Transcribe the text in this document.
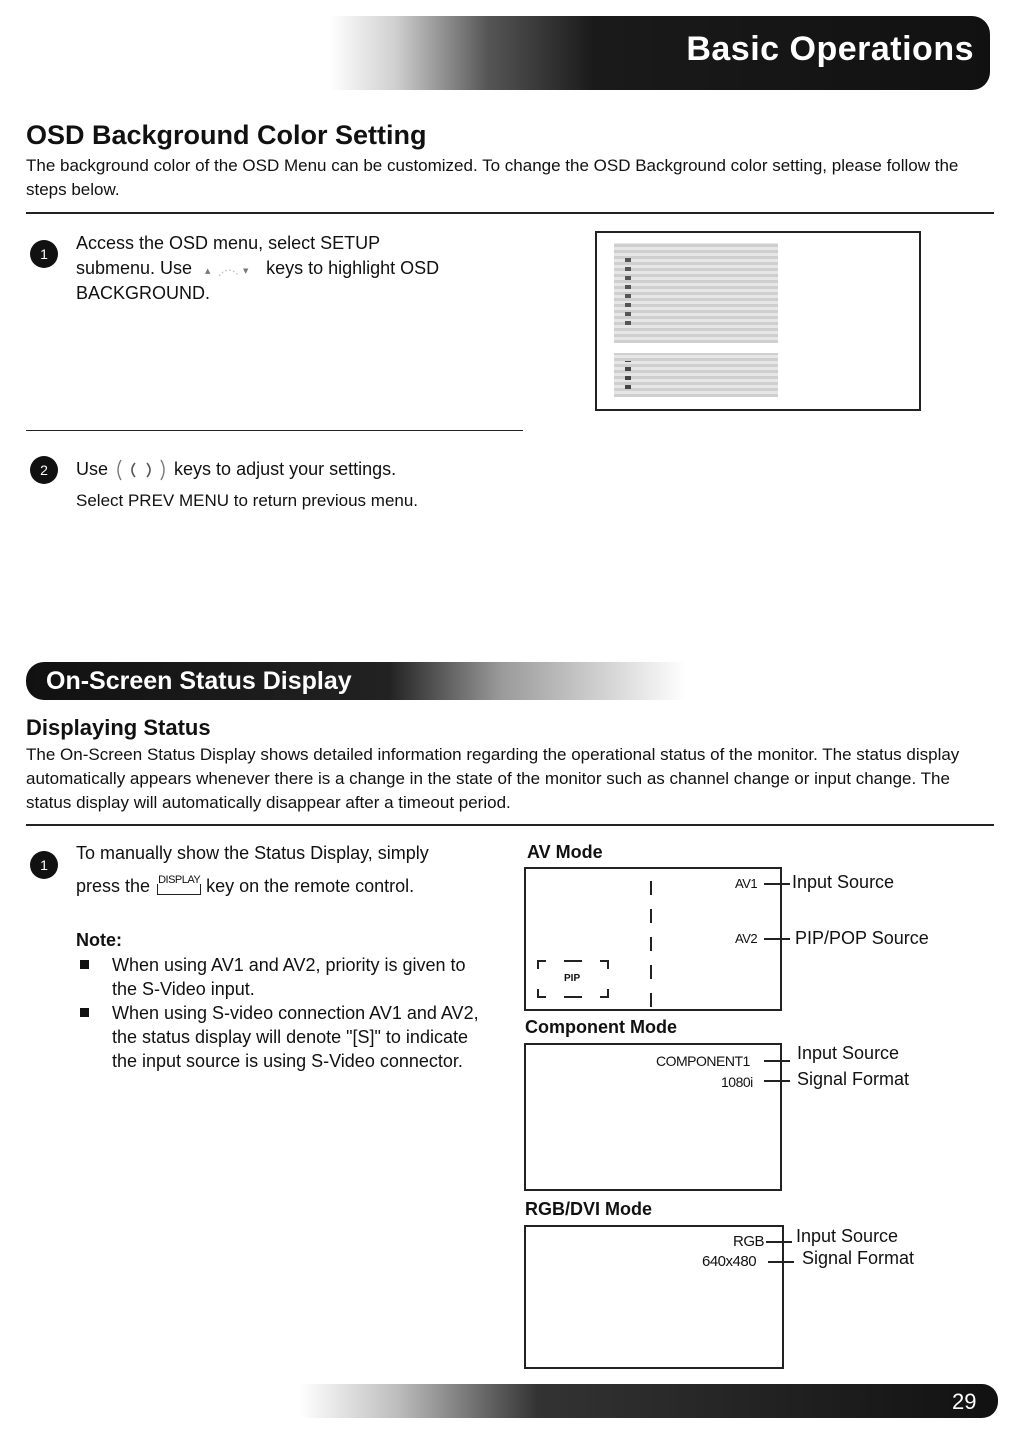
Basic Operations
OSD Background Color Setting
The background color of the OSD Menu can be customized. To change the OSD Background color setting, please follow the steps below.
1
Access the OSD menu, select SETUP
submenu. Use ▲	▼ keys to highlight OSD
BACKGROUND.
2	Use	keys to adjust your settings.
Select PREV MENU to return previous menu.
On-Screen Status Display
Displaying Status
The On-Screen Status Display shows detailed information regarding the operational status of the monitor. The status display automatically appears whenever there is a change in the state of the monitor such as channel change or input change. The status display will automatically disappear after a timeout period.
1
To manually show the Status Display, simply
press the DISPLAY key on the remote control.
Note:
When using AV1 and AV2, priority is given to the S-Video input.
When using S-video connection AV1 and AV2, the status display will denote "[S]" to indicate the input source is using S-Video connector.
AV Mode
PIP
AV1
AV2
Input Source
PIP/POP Source
Component Mode
COMPONENT1
1080i
Input Source
Signal Format
RGB/DVI Mode
RGB
640x480
Input Source
Signal Format
29
